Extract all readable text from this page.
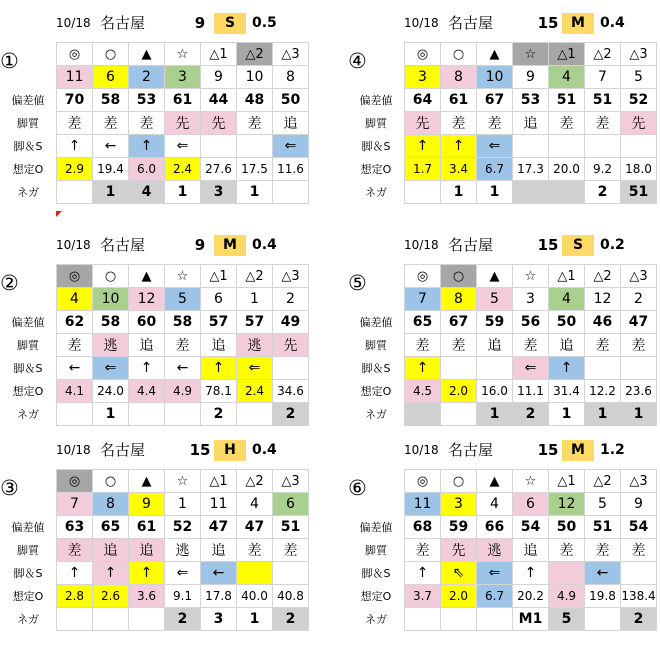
10/18 名古屋	9	S	0.5
①
		◎	○	▲	☆	△1	△2	△3
	11	6	2	3	9	10	8
偏差値	70	58	53	61	44	48	50
脚質	差	差	差	先	先	差	追
脚＆S	↑	←	↑	⇐			⇐
想定O	2.9	19.4	6.0	2.4	27.6	17.5	11.6
ネガ		1	4	1	3	1	
10/18 名古屋	15 M	0.4
④
		◎	○	▲	☆	△1	△2	△3
	3	8	10	9	4	7	5
偏差値	64	61	67	53	51	51	52
脚質	先	差	差	追	差	差	先
脚＆S	↑	↑	⇐				
想定O	1.7	3.4	6.7	17.3	20.0	9.2	18.0
ネガ		1	1			2	51
10/18 名古屋	9	M	0.4
②
		◎	○	▲	☆	△1	△2	△3
	4	10	12	5	6	1	2
偏差値	62	58	60	58	57	57	49
脚質	差	逃	追	差	追	逃	先
脚＆S	←	⇐	↑	←	↑	⇐	
想定O	4.1	24.0	4.4	4.9	78.1	2.4	34.6
ネガ		1			2		2
10/18 名古屋	15	S	0.2
⑤
		◎	○	▲	☆	△1	△2	△3
	7	8	5	3	4	12	2
偏差値	65	67	59	56	50	46	47
脚質	差	差	追	差	追	差	差
脚＆S	↑			⇐	↑		
想定O	4.5	2.0	16.0	11.1	31.4	12.2	23.6
ネガ			1	2	1	1	1
10/18 名古屋	15 H	0.4
③
		◎	○	▲	☆	△1	△2	△3
	7	8	9	1	11	4	6
偏差値	63	65	61	52	47	47	51
脚質	差	追	追	逃	追	差	差
脚＆S	↑	↑	↑	⇐	←		
想定O	2.8	2.6	3.6	9.1	17.8	40.0	40.8
ネガ				2	3	1	2
10/18 名古屋	15 M	1.2
⑥
		◎	○	▲	☆	△1	△2	△3
	11	3	4	6	12	5	9
偏差値	68	59	66	54	50	51	54
脚質	差	先	逃	追	差	差	差
脚＆S	↑	⇖	⇐	↑		←	
想定O	3.7	2.0	6.7	20.2	4.9	19.8	138.4
ネガ				M1	5		2
